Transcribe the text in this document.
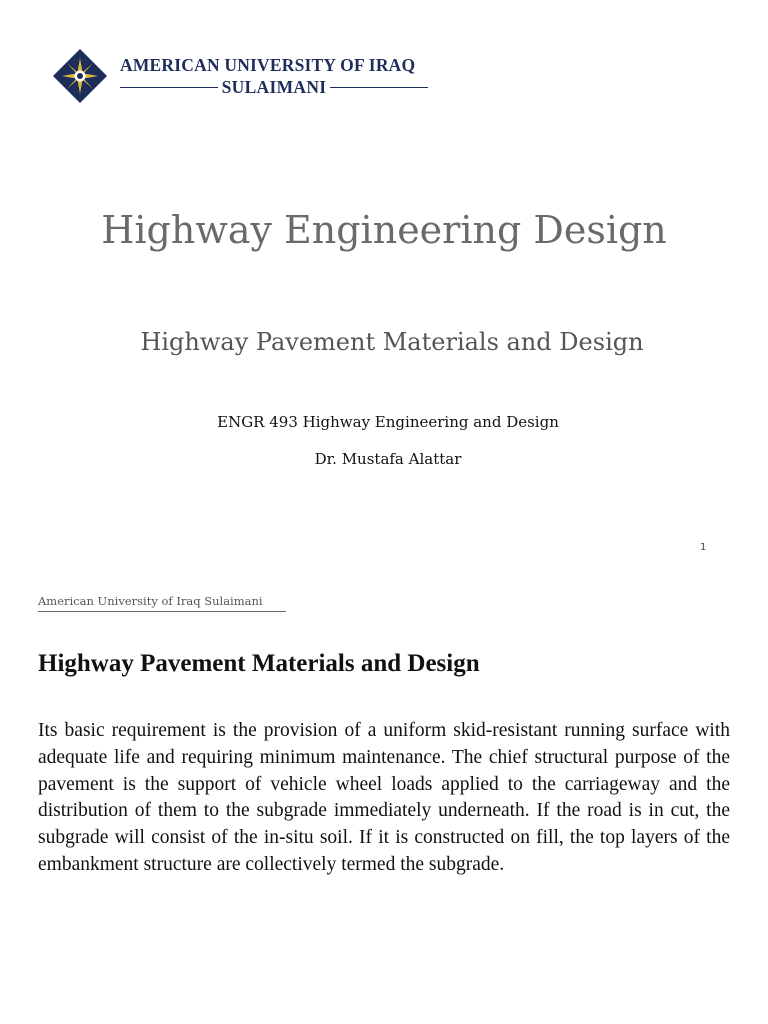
AMERICAN UNIVERSITY OF IRAQ
SULAIMANI
Highway Engineering Design
Highway Pavement Materials and Design
ENGR 493 Highway Engineering and Design
Dr. Mustafa Alattar
1
American University of Iraq Sulaimani
Highway Pavement Materials and Design

Its basic requirement is the provision of a uniform skid-resistant running surface with adequate life and requiring minimum maintenance. The chief structural purpose of the pavement is the support of vehicle wheel loads applied to the carriageway and the distribution of them to the subgrade immediately underneath. If the road is in cut, the subgrade will consist of the in-situ soil. If it is constructed on fill, the top layers of the embankment structure are collectively termed the subgrade.
